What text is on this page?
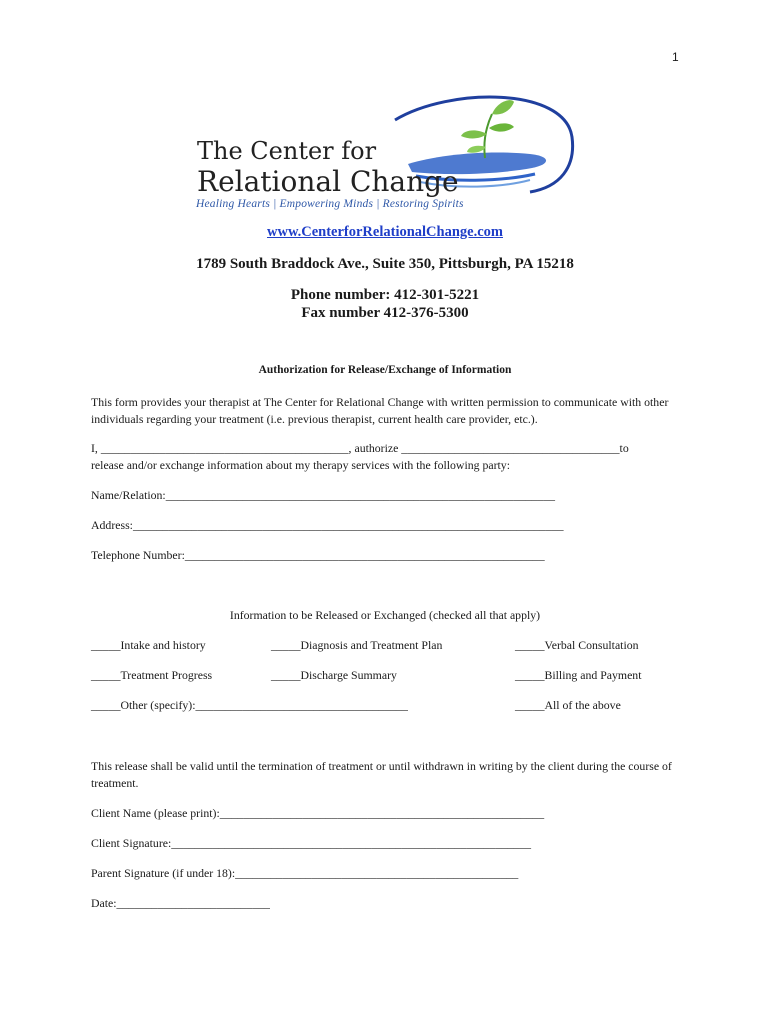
1
The Center for
Relational Change
Healing Hearts | Empowering Minds | Restoring Spirits
www.CenterforRelationalChange.com
1789 South Braddock Ave., Suite 350, Pittsburgh, PA 15218
Phone number: 412-301-5221
Fax number 412-376-5300
Authorization for Release/Exchange of Information
This form provides your therapist at The Center for Relational Change with written permission to communicate with other individuals regarding your treatment (i.e. previous therapist, current health care provider, etc.).
I, __________________________________________, authorize _____________________________________to
release and/or exchange information about my therapy services with the following party:
Name/Relation:__________________________________________________________________
Address:_________________________________________________________________________
Telephone Number:_____________________________________________________________
Information to be Released or Exchanged (checked all that apply)
_____Intake and history	_____Diagnosis and Treatment Plan	_____Verbal Consultation
_____Treatment Progress	_____Discharge Summary	_____Billing and Payment
_____Other (specify):____________________________________	_____All of the above
This release shall be valid until the termination of treatment or until withdrawn in writing by the client during the course of treatment.
Client Name (please print):_______________________________________________________
Client Signature:_____________________________________________________________
Parent Signature (if under 18):________________________________________________
Date:__________________________
